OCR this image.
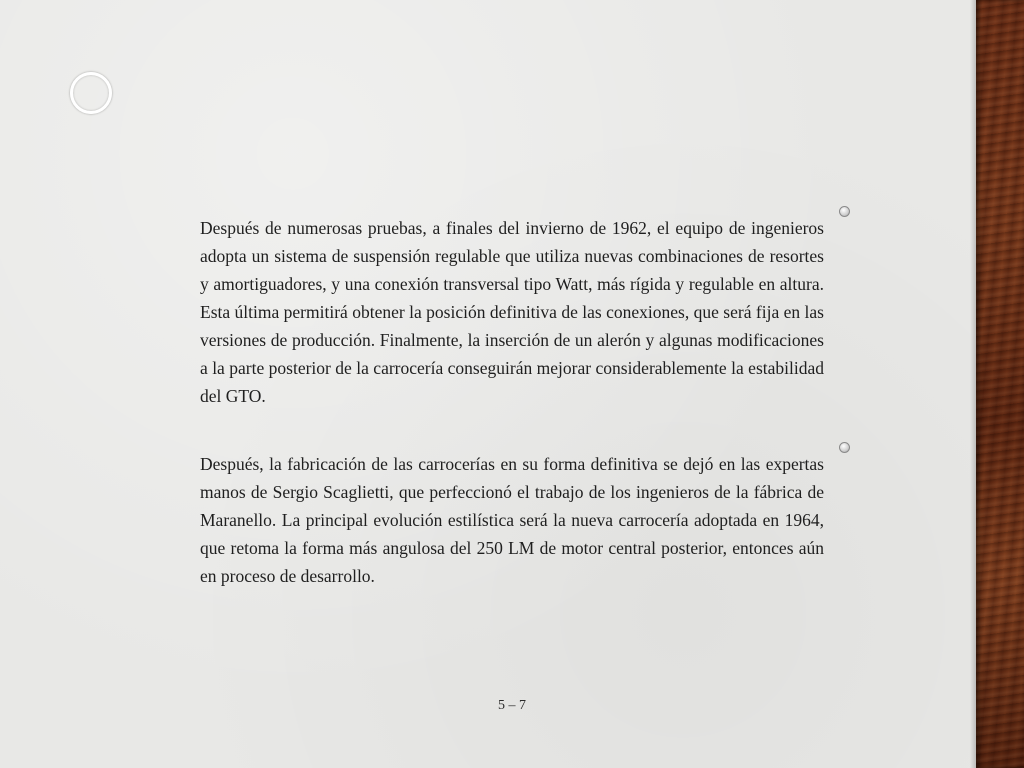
Después de numerosas pruebas, a finales del invierno de 1962, el equipo de ingenieros adopta un sistema de suspensión regulable que utiliza nuevas combinaciones de resortes y amortiguadores, y una conexión transversal tipo Watt, más rígida y regulable en altura. Esta última permitirá obtener la posición definitiva de las conexiones, que será fija en las versiones de producción. Finalmente, la inserción de un alerón y algunas modificaciones a la parte posterior de la carrocería conseguirán mejorar considerablemente la estabilidad del GTO.

Después, la fabricación de las carrocerías en su forma definitiva se dejó en las expertas manos de Sergio Scaglietti, que perfeccionó el trabajo de los ingenieros de la fábrica de Maranello. La principal evolución estilística será la nueva carrocería adoptada en 1964, que retoma la forma más angulosa del 250 LM de motor central posterior, entonces aún en proceso de desarrollo.

5 – 7
